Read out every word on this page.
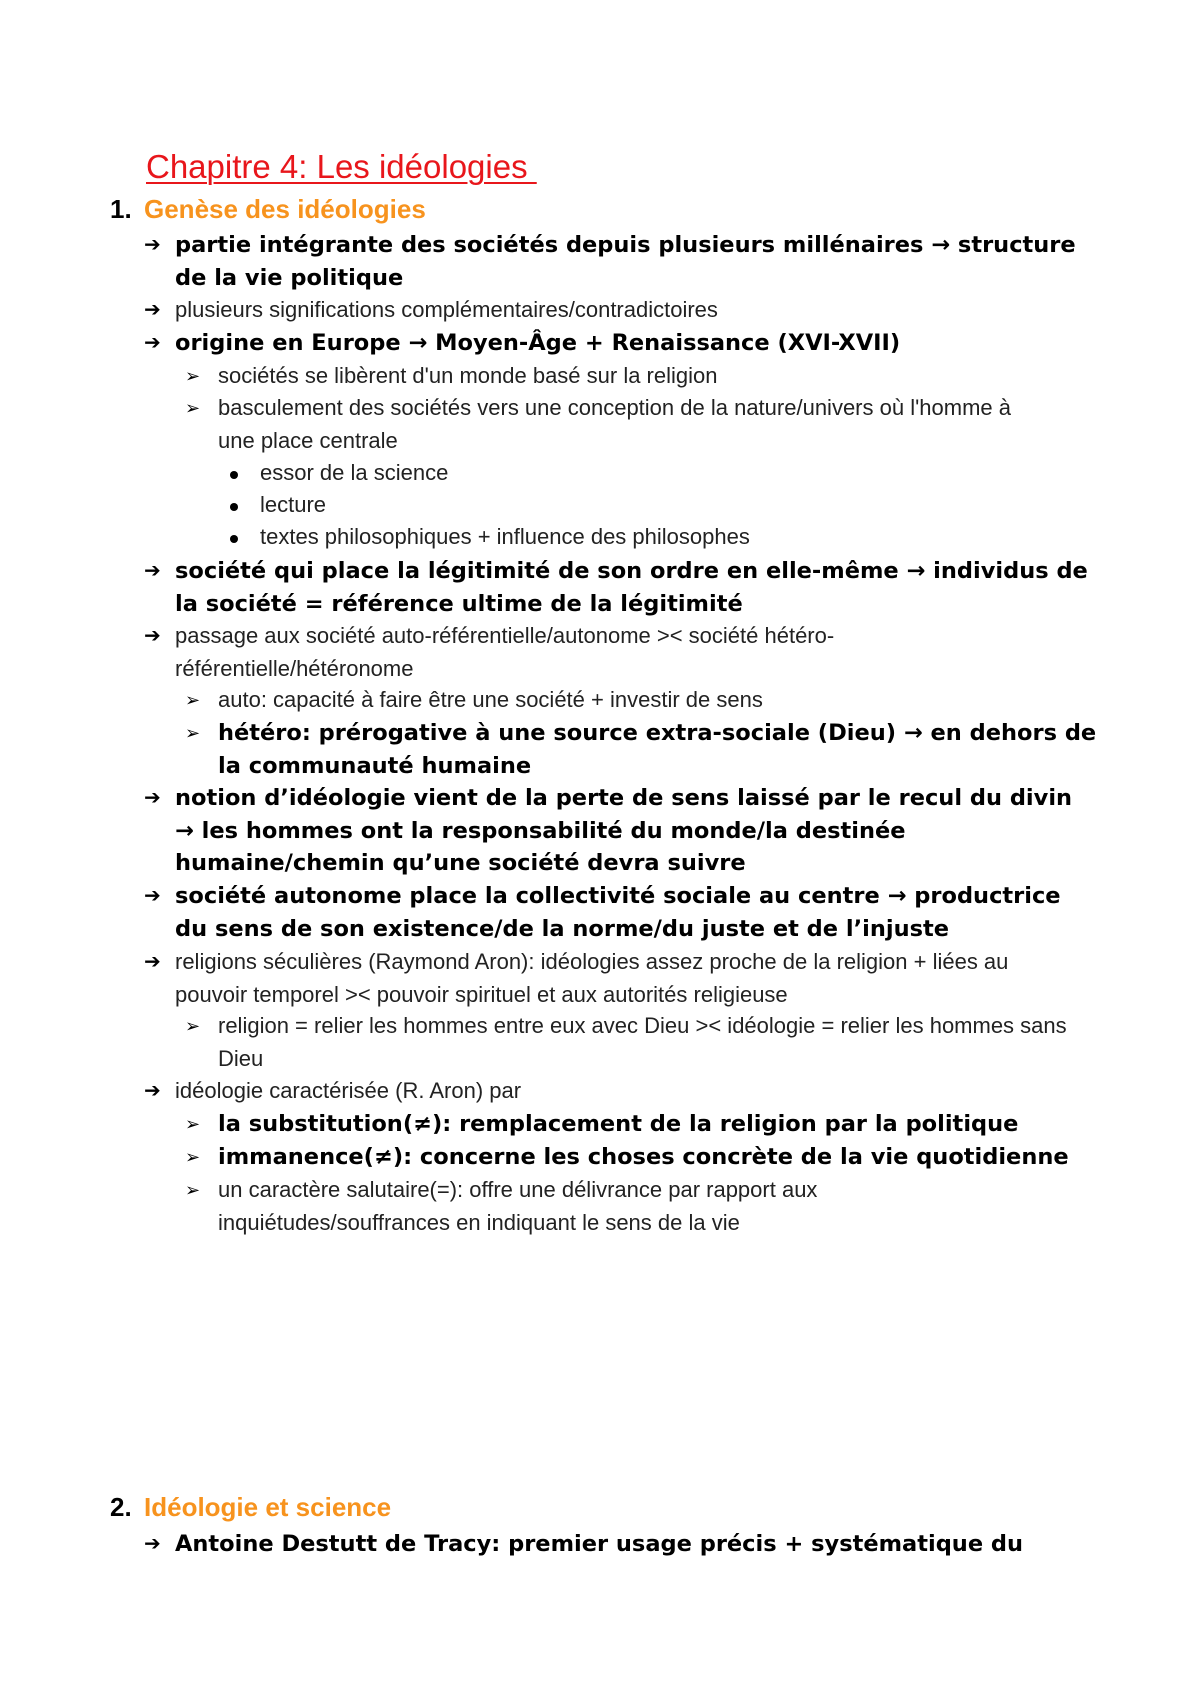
Chapitre 4: Les idéologies
1. Genèse des idéologies
➔ partie intégrante des sociétés depuis plusieurs millénaires → structure de la vie politique
➔ plusieurs significations complémentaires/contradictoires
➔ origine en Europe → Moyen-Âge + Renaissance (XVI-XVII)
➢ sociétés se libèrent d'un monde basé sur la religion
➢ basculement des sociétés vers une conception de la nature/univers où l'homme à une place centrale
essor de la science
lecture
textes philosophiques + influence des philosophes
➔ société qui place la légitimité de son ordre en elle-même → individus de la société = référence ultime de la légitimité
➔ passage aux société auto-référentielle/autonome >< société hétéro-référentielle/hétéronome
➢ auto: capacité à faire être une société + investir de sens
➢ hétéro: prérogative à une source extra-sociale (Dieu) → en dehors de la communauté humaine
➔ notion d’idéologie vient de la perte de sens laissé par le recul du divin → les hommes ont la responsabilité du monde/la destinée humaine/chemin qu’une société devra suivre
➔ société autonome place la collectivité sociale au centre → productrice du sens de son existence/de la norme/du juste et de l’injuste
➔ religions séculières (Raymond Aron): idéologies assez proche de la religion + liées au pouvoir temporel >< pouvoir spirituel et aux autorités religieuse
➢ religion = relier les hommes entre eux avec Dieu >< idéologie = relier les hommes sans Dieu
➔ idéologie caractérisée (R. Aron) par
➢ la substitution(≠): remplacement de la religion par la politique
➢ immanence(≠): concerne les choses concrète de la vie quotidienne
➢ un caractère salutaire(=): offre une délivrance par rapport aux inquiétudes/souffrances en indiquant le sens de la vie
2. Idéologie et science
➔ Antoine Destutt de Tracy: premier usage précis + systématique du
